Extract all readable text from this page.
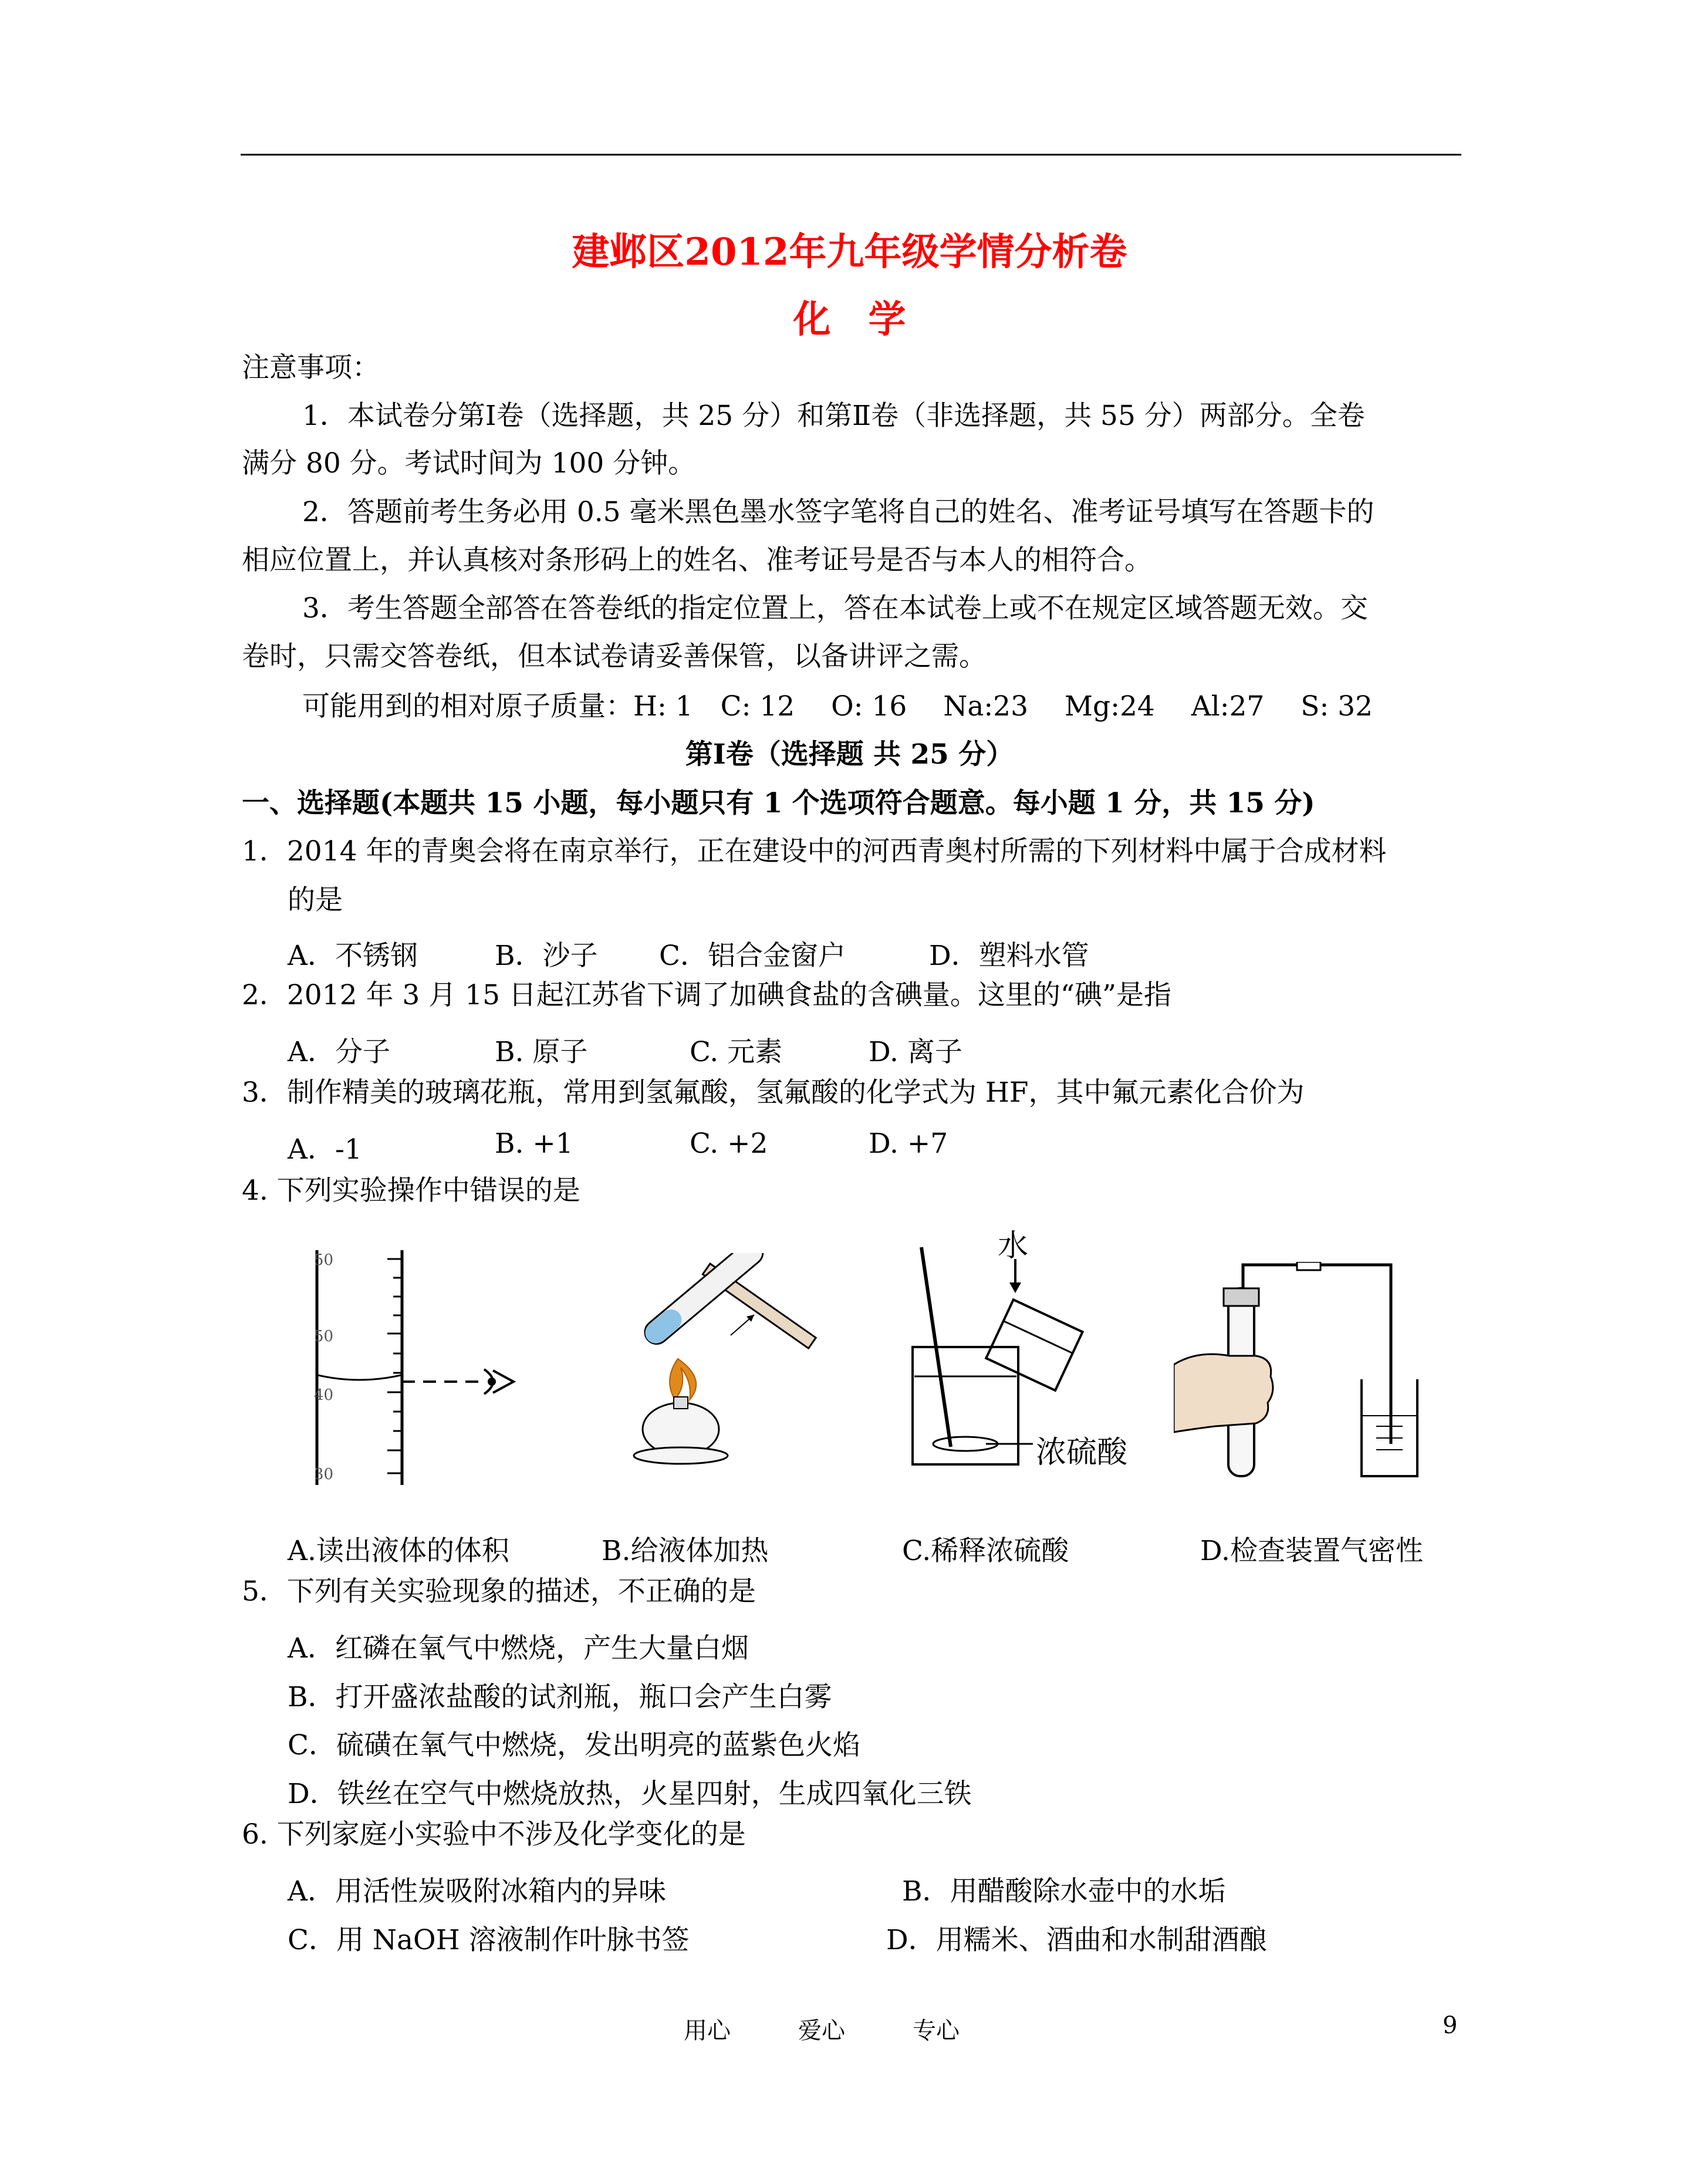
建邺区2012年九年级学情分析卷
化　学
注意事项：
1．本试卷分第Ⅰ卷（选择题，共 25 分）和第Ⅱ卷（非选择题，共 55 分）两部分。全卷
满分 80 分。考试时间为 100 分钟。
2．答题前考生务必用 0.5 毫米黑色墨水签字笔将自己的姓名、准考证号填写在答题卡的
相应位置上，并认真核对条形码上的姓名、准考证号是否与本人的相符合。
3．考生答题全部答在答卷纸的指定位置上，答在本试卷上或不在规定区域答题无效。交
卷时，只需交答卷纸，但本试卷请妥善保管，以备讲评之需。
可能用到的相对原子质量：H: 1　C: 12　 O: 16　 Na:23　 Mg:24　 Al:27　 S: 32
第Ⅰ卷（选择题 共 25 分）
一、选择题(本题共 15 小题，每小题只有 1 个选项符合题意。每小题 1 分，共 15 分)
1．2014 年的青奥会将在南京举行，正在建设中的河西青奥村所需的下列材料中属于合成材料
的是
A．不锈钢	B．沙子 C．铝合金窗户	D．塑料水管
2．2012 年 3 月 15 日起江苏省下调了加碘食盐的含碘量。这里的“碘”是指
A．分子	B. 原子	C. 元素	D. 离子
3．制作精美的玻璃花瓶，常用到氢氟酸，氢氟酸的化学式为 HF，其中氟元素化合价为
A．-1	B. +1	C. +2	D. +7
4. 下列实验操作中错误的是
50
50
40
30
水
浓硫酸
A.读出液体的体积	B.给液体加热	C.稀释浓硫酸	D.检查装置气密性
5．下列有关实验现象的描述，不正确的是
A．红磷在氧气中燃烧，产生大量白烟
B．打开盛浓盐酸的试剂瓶，瓶口会产生白雾
C．硫磺在氧气中燃烧，发出明亮的蓝紫色火焰
D．铁丝在空气中燃烧放热，火星四射，生成四氧化三铁
6. 下列家庭小实验中不涉及化学变化的是
A．用活性炭吸附冰箱内的异味	B．用醋酸除水壶中的水垢
C．用 NaOH 溶液制作叶脉书签	D．用糯米、酒曲和水制甜酒酿
用心	爱心	专心	9
